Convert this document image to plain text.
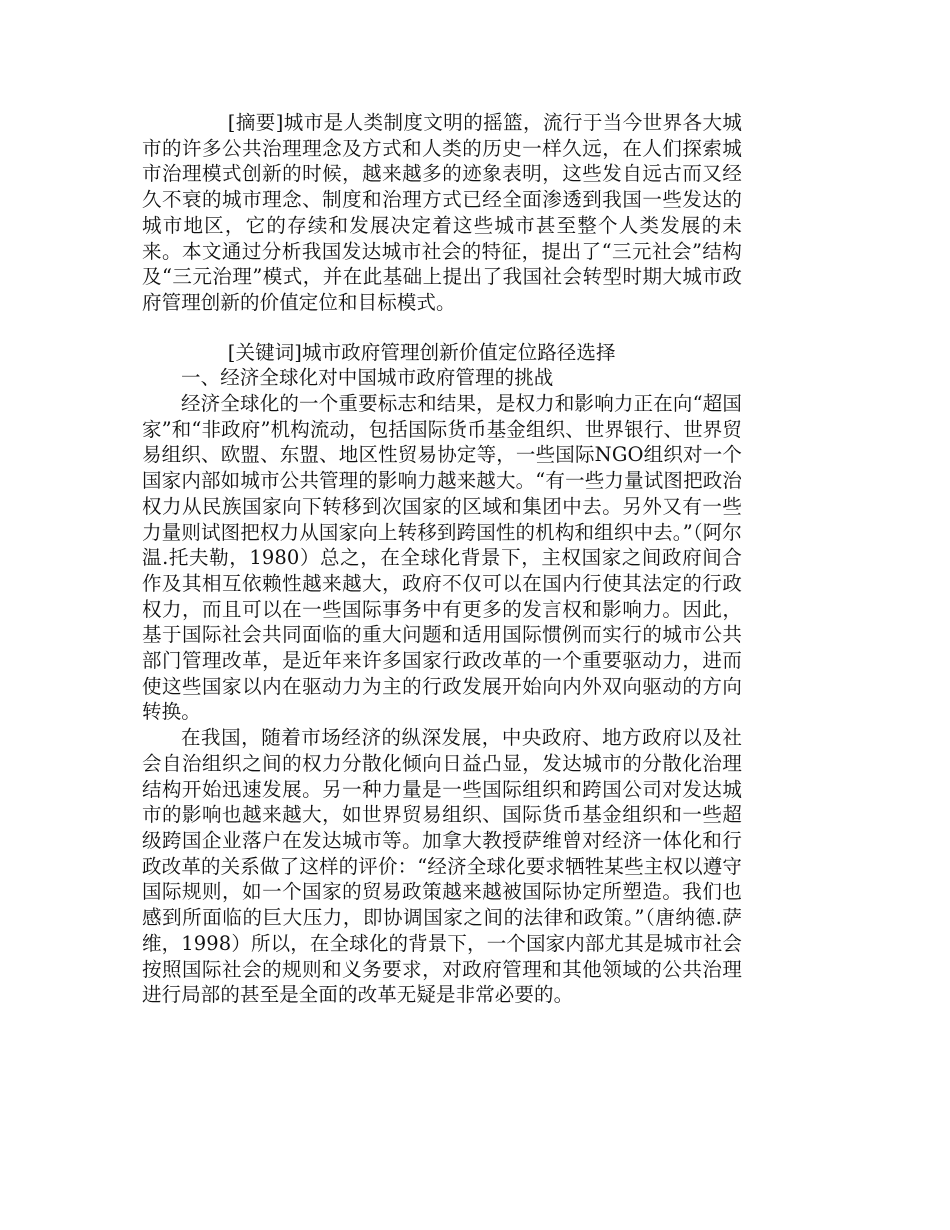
[摘要]城市是人类制度文明的摇篮，流行于当今世界各大城市的许多公共治理理念及方式和人类的历史一样久远，在人们探索城市治理模式创新的时候，越来越多的迹象表明，这些发自远古而又经久不衰的城市理念、制度和治理方式已经全面渗透到我国一些发达的城市地区，它的存续和发展决定着这些城市甚至整个人类发展的未来。本文通过分析我国发达城市社会的特征，提出了“三元社会”结构及“三元治理”模式，并在此基础上提出了我国社会转型时期大城市政府管理创新的价值定位和目标模式。

[关键词]城市政府管理创新价值定位路径选择

一、经济全球化对中国城市政府管理的挑战

经济全球化的一个重要标志和结果，是权力和影响力正在向“超国家”和“非政府”机构流动，包括国际货币基金组织、世界银行、世界贸易组织、欧盟、东盟、地区性贸易协定等，一些国际NGO组织对一个国家内部如城市公共管理的影响力越来越大。“有一些力量试图把政治权力从民族国家向下转移到次国家的区域和集团中去。另外又有一些力量则试图把权力从国家向上转移到跨国性的机构和组织中去。”（阿尔温.托夫勒，1980）总之，在全球化背景下，主权国家之间政府间合作及其相互依赖性越来越大，政府不仅可以在国内行使其法定的行政权力，而且可以在一些国际事务中有更多的发言权和影响力。因此，基于国际社会共同面临的重大问题和适用国际惯例而实行的城市公共部门管理改革，是近年来许多国家行政改革的一个重要驱动力，进而使这些国家以内在驱动力为主的行政发展开始向内外双向驱动的方向转换。

在我国，随着市场经济的纵深发展，中央政府、地方政府以及社会自治组织之间的权力分散化倾向日益凸显，发达城市的分散化治理结构开始迅速发展。另一种力量是一些国际组织和跨国公司对发达城市的影响也越来越大，如世界贸易组织、国际货币基金组织和一些超级跨国企业落户在发达城市等。加拿大教授萨维曾对经济一体化和行政改革的关系做了这样的评价：“经济全球化要求牺牲某些主权以遵守国际规则，如一个国家的贸易政策越来越被国际协定所塑造。我们也感到所面临的巨大压力，即协调国家之间的法律和政策。”（唐纳德.萨维，1998）所以，在全球化的背景下，一个国家内部尤其是城市社会按照国际社会的规则和义务要求，对政府管理和其他领域的公共治理进行局部的甚至是全面的改革无疑是非常必要的。
